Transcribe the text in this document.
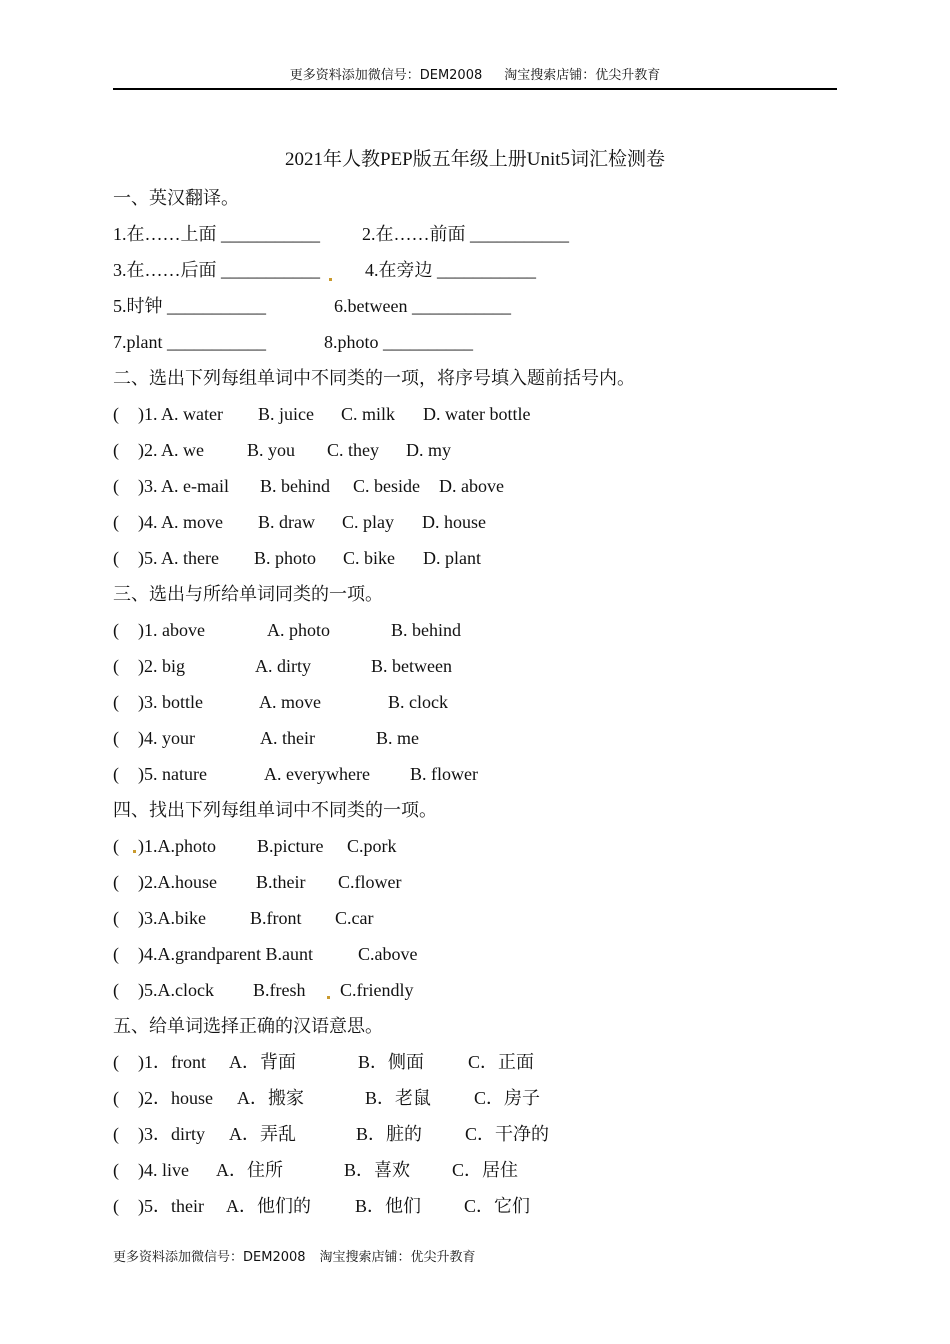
更多资料添加微信号：DEM2008 淘宝搜索店铺：优尖升教育
2021年人教PEP版五年级上册Unit5词汇检测卷
一、英汉翻译。
1.在……上面 ___________ 2.在……前面 ___________
3.在……后面 ___________	4.在旁边 ___________
5.时钟 ___________	6.between ___________
7.plant ___________	8.photo __________
二、选出下列每组单词中不同类的一项，将序号填入题前括号内。
( )1. A. water B. juice C. milk D. water bottle
( )2. A. we B. you C. they D. my
( )3. A. e-mail B. behind C. beside D. above
( )4. A. move B. draw C. play D. house
( )5. A. there B. photo C. bike D. plant
三、选出与所给单词同类的一项。
( )1. above	A. photo	B. behind
( )2. big	A. dirty	B. between
( )3. bottle	A. move	B. clock
( )4. your	A. their	B. me
( )5. nature	A. everywhere B. flower
四、找出下列每组单词中不同类的一项。
( )1.A.photo B.picture C.pork
( )2.A.house B.their C.flower
( )3.A.bike B.front C.car
( )4.A.grandparent B.aunt	C.above
( )5.A.clock B.fresh C.friendly
五、给单词选择正确的汉语意思。
( )1．front A．背面	B．侧面 C．正面
( )2．house A．搬家	B．老鼠 C．房子
( )3．dirty A．弄乱	B．脏的 C．干净的
( )4. live A．住所	B．喜欢 C．居住
( )5．their A．他们的 B．他们 C．它们
更多资料添加微信号：DEM2008 淘宝搜索店铺：优尖升教育
